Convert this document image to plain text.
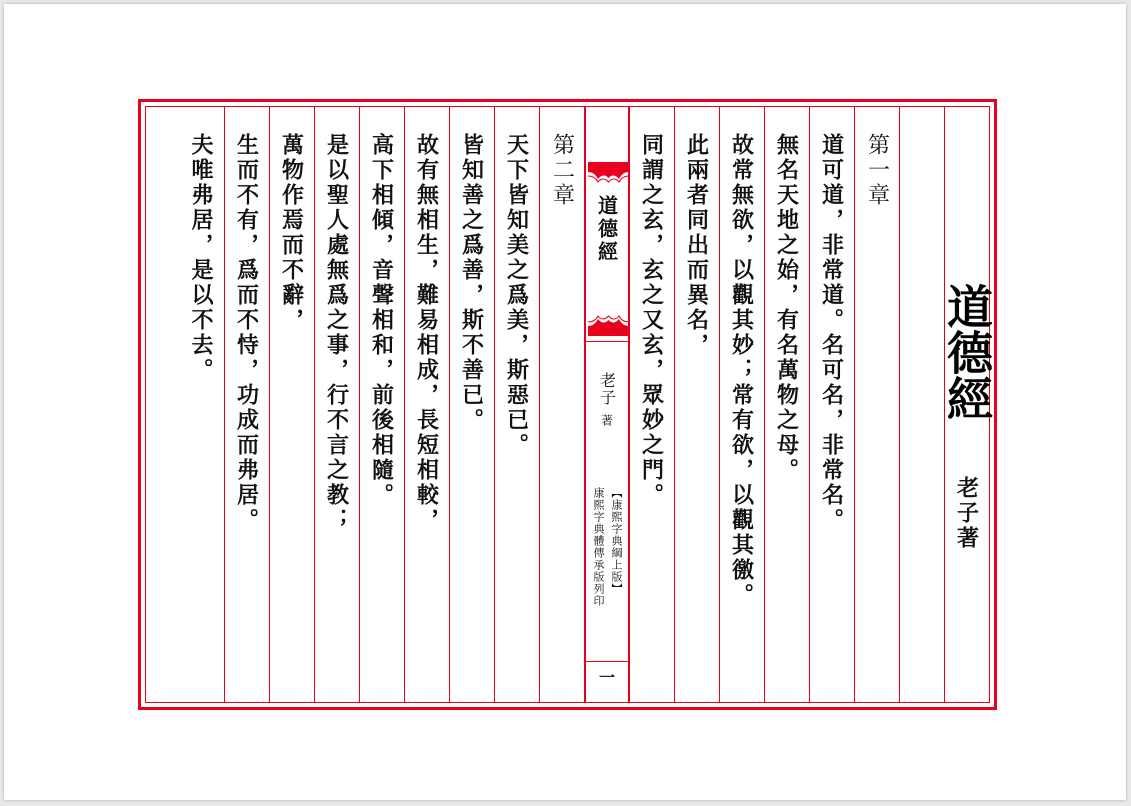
道德經
老子著
第一章
道可道，非常道。名可名，非常名。
無名天地之始，有名萬物之母。
故常無欲，以觀其妙；常有欲，以觀其徼。
此兩者同出而異名，
同謂之玄，玄之又玄，眾妙之門。
道德經
老子
著
【康熙字典綱上版】
康熙字典體傳承版列印
一
第二章
天下皆知美之爲美，斯惡已。
皆知善之爲善，斯不善已。
故有無相生，難易相成，長短相較，
高下相傾，音聲相和，前後相隨。
是以聖人處無爲之事，行不言之教；
萬物作焉而不辭，
生而不有，爲而不恃，功成而弗居。
夫唯弗居，是以不去。
